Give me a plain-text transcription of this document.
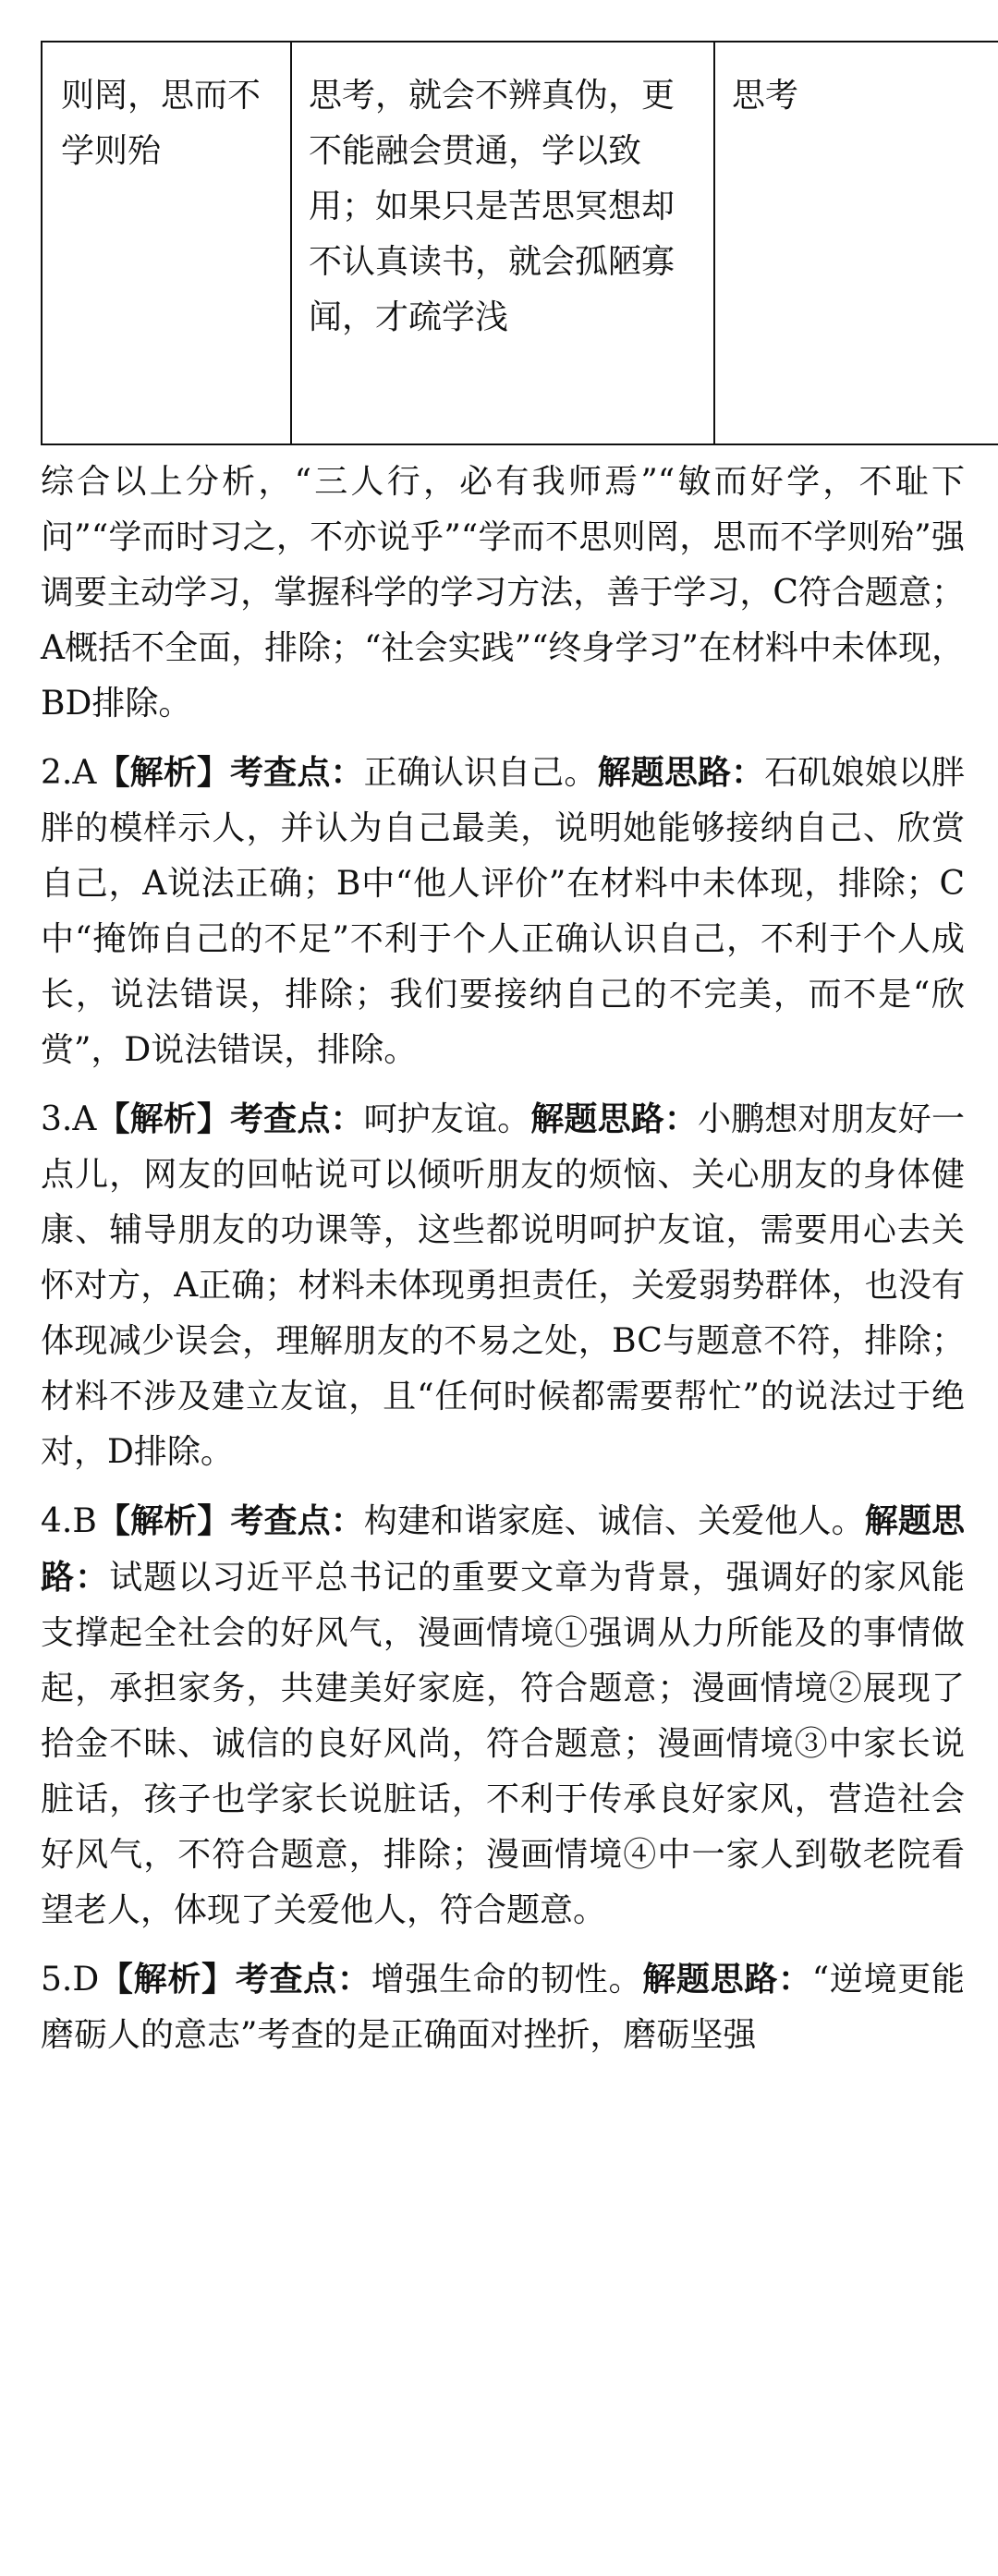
则罔，思而不学则殆	思考，就会不辨真伪，更不能融会贯通，学以致用；如果只是苦思冥想却不认真读书，就会孤陋寡闻，才疏学浅	思考

综合以上分析，“三人行，必有我师焉”“敏而好学，不耻下问”“学而时习之，不亦说乎”“学而不思则罔，思而不学则殆”强调要主动学习，掌握科学的学习方法，善于学习，C符合题意；A概括不全面，排除；“社会实践”“终身学习”在材料中未体现，BD排除。

2.A【解析】考查点：正确认识自己。解题思路：石矶娘娘以胖胖的模样示人，并认为自己最美，说明她能够接纳自己、欣赏自己，A说法正确；B中“他人评价”在材料中未体现，排除；C中“掩饰自己的不足”不利于个人正确认识自己，不利于个人成长，说法错误，排除；我们要接纳自己的不完美，而不是“欣赏”，D说法错误，排除。

3.A【解析】考查点：呵护友谊。解题思路：小鹏想对朋友好一点儿，网友的回帖说可以倾听朋友的烦恼、关心朋友的身体健康、辅导朋友的功课等，这些都说明呵护友谊，需要用心去关怀对方，A正确；材料未体现勇担责任，关爱弱势群体，也没有体现减少误会，理解朋友的不易之处，BC与题意不符，排除；材料不涉及建立友谊，且“任何时候都需要帮忙”的说法过于绝对，D排除。

4.B【解析】考查点：构建和谐家庭、诚信、关爱他人。解题思路：试题以习近平总书记的重要文章为背景，强调好的家风能支撑起全社会的好风气，漫画情境①强调从力所能及的事情做起，承担家务，共建美好家庭，符合题意；漫画情境②展现了拾金不昧、诚信的良好风尚，符合题意；漫画情境③中家长说脏话，孩子也学家长说脏话，不利于传承良好家风，营造社会好风气，不符合题意，排除；漫画情境④中一家人到敬老院看望老人，体现了关爱他人，符合题意。

5.D【解析】考查点：增强生命的韧性。解题思路：“逆境更能磨砺人的意志”考查的是正确面对挫折，磨砺坚强
